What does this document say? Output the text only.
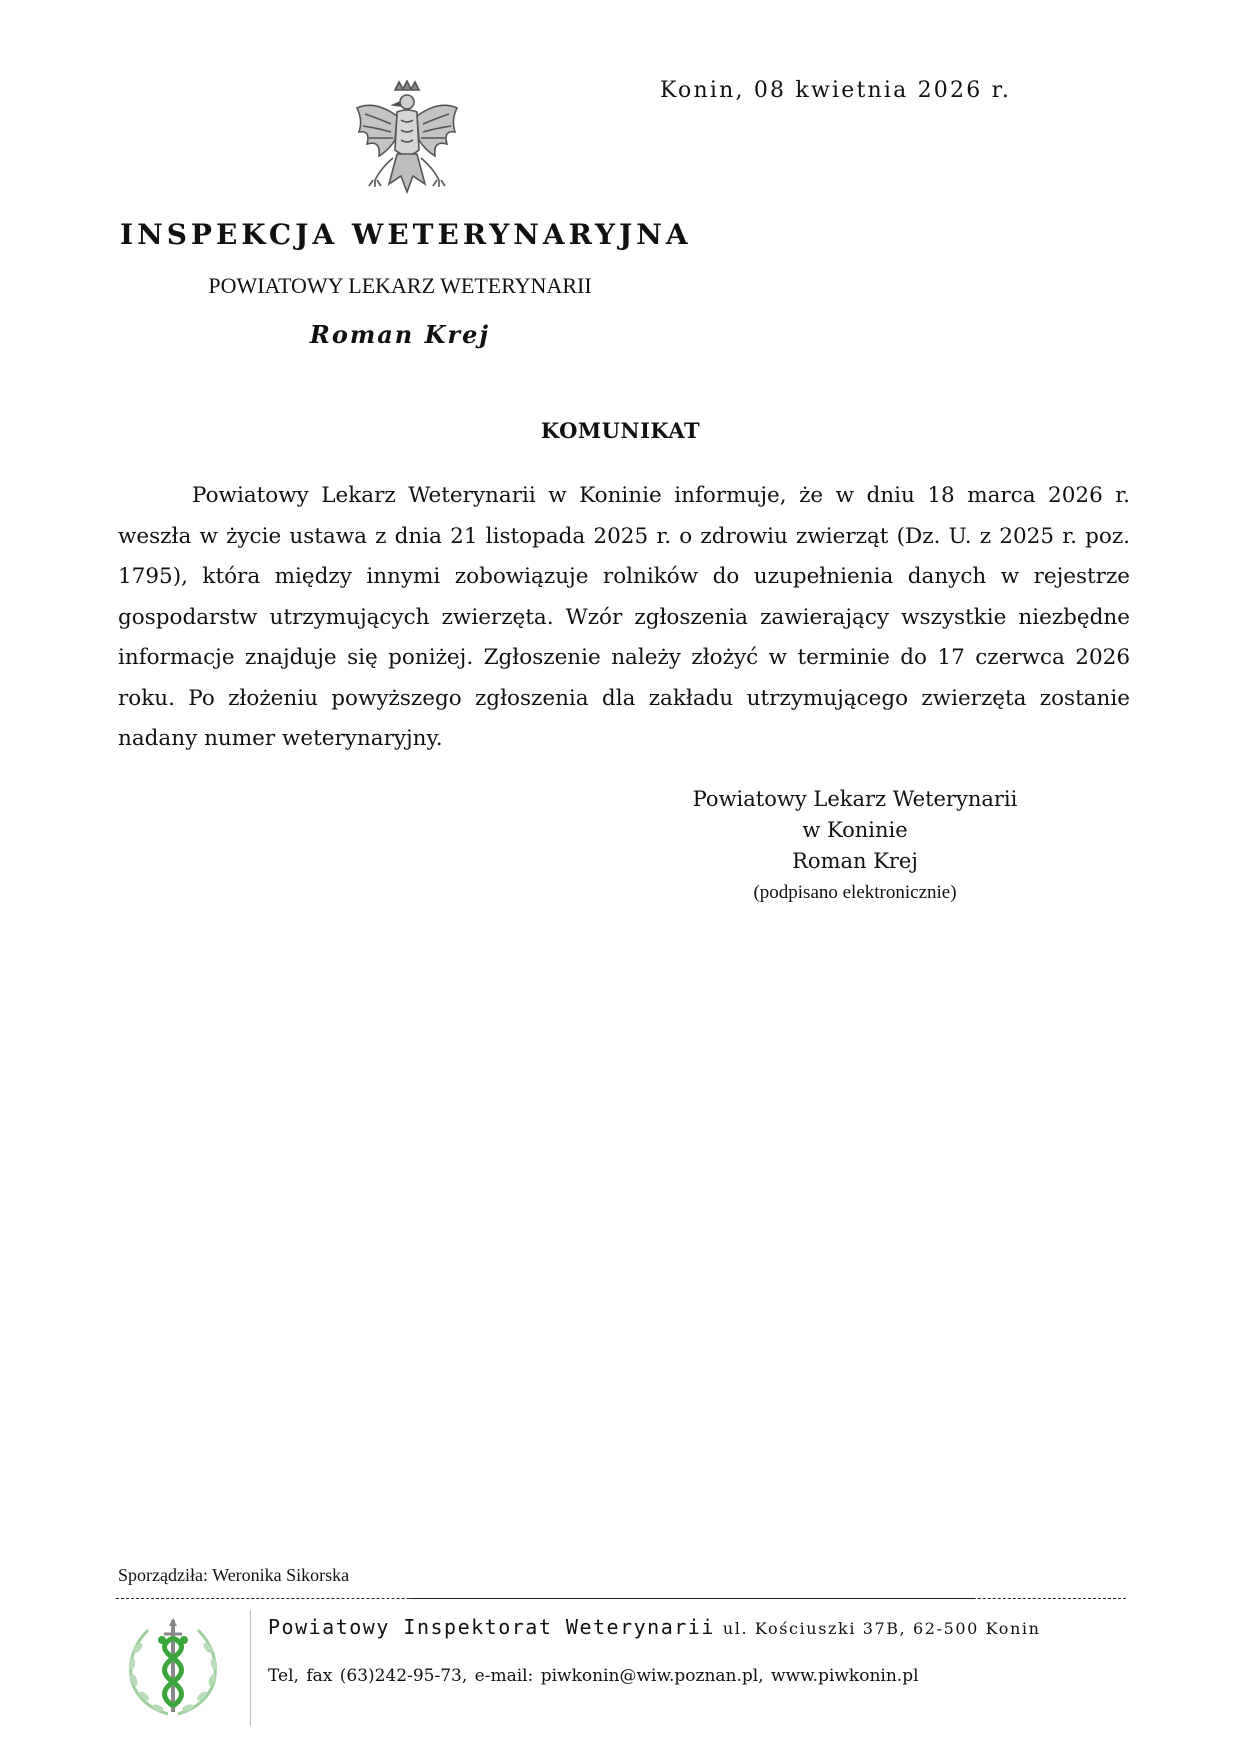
Konin, 08 kwietnia 2026 r.
INSPEKCJA WETERYNARYJNA
POWIATOWY LEKARZ WETERYNARII
Roman Krej
KOMUNIKAT

Powiatowy Lekarz Weterynarii w Koninie informuje, że w dniu 18 marca 2026 r. weszła w życie ustawa z dnia 21 listopada 2025 r. o zdrowiu zwierząt (Dz. U. z 2025 r. poz. 1795), która między innymi zobowiązuje rolników do uzupełnienia danych w rejestrze gospodarstw utrzymujących zwierzęta. Wzór zgłoszenia zawierający wszystkie niezbędne informacje znajduje się poniżej. Zgłoszenie należy złożyć w terminie do 17 czerwca 2026 roku. Po złożeniu powyższego zgłoszenia dla zakładu utrzymującego zwierzęta zostanie nadany numer weterynaryjny.

Powiatowy Lekarz Weterynarii
w Koninie
Roman Krej
(podpisano elektronicznie)
Sporządziła: Weronika Sikorska
Powiatowy Inspektorat Weterynarii ul. Kościuszki 37B, 62-500 Konin
Tel, fax (63)242-95-73, e-mail: piwkonin@wiw.poznan.pl, www.piwkonin.pl
